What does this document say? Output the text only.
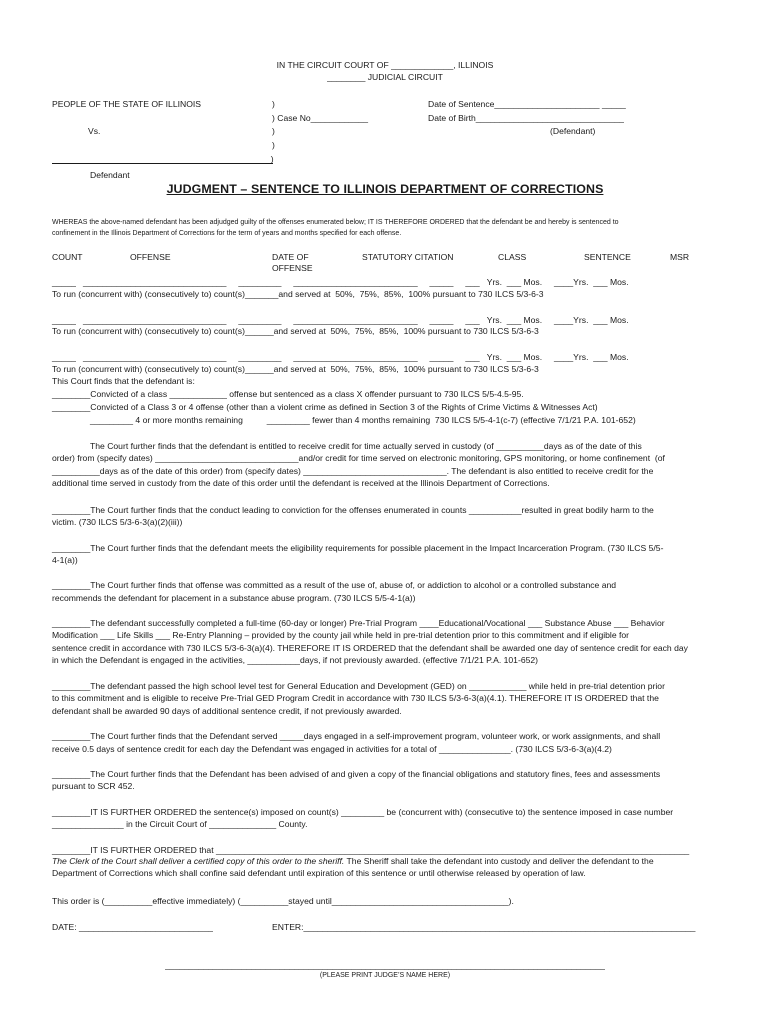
IN THE CIRCUIT COURT OF _____________, ILLINOIS
________ JUDICIAL CIRCUIT
PEOPLE OF THE STATE OF ILLINOIS
Vs.
Defendant
)
) Case No____________
)
)
_)
Date of Sentence______________________ _____
Date of Birth_______________________________
(Defendant)
JUDGMENT – SENTENCE TO ILLINOIS DEPARTMENT OF CORRECTIONS
WHEREAS the above-named defendant has been adjudged guilty of the offenses enumerated below; IT IS THEREFORE ORDERED that the defendant be and hereby is sentenced to
confinement in the Illinois Department of Corrections for the term of years and months specified for each offense.
COUNT	OFFENSE	DATE OF
OFFENSE
STATUTORY CITATION	CLASS	SENTENCE	MSR
_____   ______________________________     _________     __________________________     _____     ___   Yrs.  ___ Mos.     ____Yrs.  ___ Mos.
To run (concurrent with) (consecutively to) count(s)_______and served at  50%,  75%,  85%,  100% pursuant to 730 ILCS 5/3-6-3
_____   ______________________________     _________     __________________________     _____     ___   Yrs.  ___ Mos.     ____Yrs.  ___ Mos.
To run (concurrent with) (consecutively to) count(s)______and served at  50%,  75%,  85%,  100% pursuant to 730 ILCS 5/3-6-3
_____   ______________________________     _________     __________________________     _____     ___   Yrs.  ___ Mos.     ____Yrs.  ___ Mos.
To run (concurrent with) (consecutively to) count(s)______and served at  50%,  75%,  85%,  100% pursuant to 730 ILCS 5/3-6-3
This Court finds that the defendant is:
________Convicted of a class ____________ offense but sentenced as a class X offender pursuant to 730 ILCS 5/5-4.5-95.
________Convicted of a Class 3 or 4 offense (other than a violent crime as defined in Section 3 of the Rights of Crime Victims & Witnesses Act)
_________ 4 or more months remaining          _________ fewer than 4 months remaining  730 ILCS 5/5-4-1(c-7) (effective 7/1/21 P.A. 101-652)
The Court further finds that the defendant is entitled to receive credit for time actually served in custody (of __________days as of the date of this
order) from (specify dates) ______________________________and/or credit for time served on electronic monitoring, GPS monitoring, or home confinement  (of
__________days as of the date of this order) from (specify dates) ______________________________. The defendant is also entitled to receive credit for the
additional time served in custody from the date of this order until the defendant is received at the Illinois Department of Corrections.
________The Court further finds that the conduct leading to conviction for the offenses enumerated in counts ___________resulted in great bodily harm to the
victim. (730 ILCS 5/3-6-3(a)(2)(iii))
________The Court further finds that the defendant meets the eligibility requirements for possible placement in the Impact Incarceration Program. (730 ILCS 5/5-
4-1(a))
________The Court further finds that offense was committed as a result of the use of, abuse of, or addiction to alcohol or a controlled substance and
recommends the defendant for placement in a substance abuse program. (730 ILCS 5/5-4-1(a))
________The defendant successfully completed a full-time (60-day or longer) Pre-Trial Program ____Educational/Vocational ___ Substance Abuse ___ Behavior
Modification ___ Life Skills ___ Re-Entry Planning – provided by the county jail while held in pre-trial detention prior to this commitment and if eligible for
sentence credit in accordance with 730 ILCS 5/3-6-3(a)(4). THEREFORE IT IS ORDERED that the defendant shall be awarded one day of sentence credit for each day
in which the Defendant is engaged in the activities, ___________days, if not previously awarded. (effective 7/1/21 P.A. 101-652)
________The defendant passed the high school level test for General Education and Development (GED) on ____________ while held in pre-trial detention prior
to this commitment and is eligible to receive Pre-Trial GED Program Credit in accordance with 730 ILCS 5/3-6-3(a)(4.1). THEREFORE IT IS ORDERED that the
defendant shall be awarded 90 days of additional sentence credit, if not previously awarded.
________The Court further finds that the Defendant served _____days engaged in a self-improvement program, volunteer work, or work assignments, and shall
receive 0.5 days of sentence credit for each day the Defendant was engaged in activities for a total of _______________. (730 ILCS 5/3-6-3(a)(4.2)
________The Court further finds that the Defendant has been advised of and given a copy of the financial obligations and statutory fines, fees and assessments
pursuant to SCR 452.
________IT IS FURTHER ORDERED the sentence(s) imposed on count(s) _________ be (concurrent with) (consecutive to) the sentence imposed in case number
_______________ in the Circuit Court of ______________ County.
________IT IS FURTHER ORDERED that ___________________________________________________________________________________________________
The Clerk of the Court shall deliver a certified copy of this order to the sheriff. The Sheriff shall take the defendant into custody and deliver the defendant to the
Department of Corrections which shall confine said defendant until expiration of this sentence or until otherwise released by operation of law.
This order is (__________effective immediately) (__________stayed until_____________________________________).
DATE: ____________________________	ENTER:__________________________________________________________________________________
____________________________________________________________________________________________
(PLEASE PRINT JUDGE’S NAME HERE)
